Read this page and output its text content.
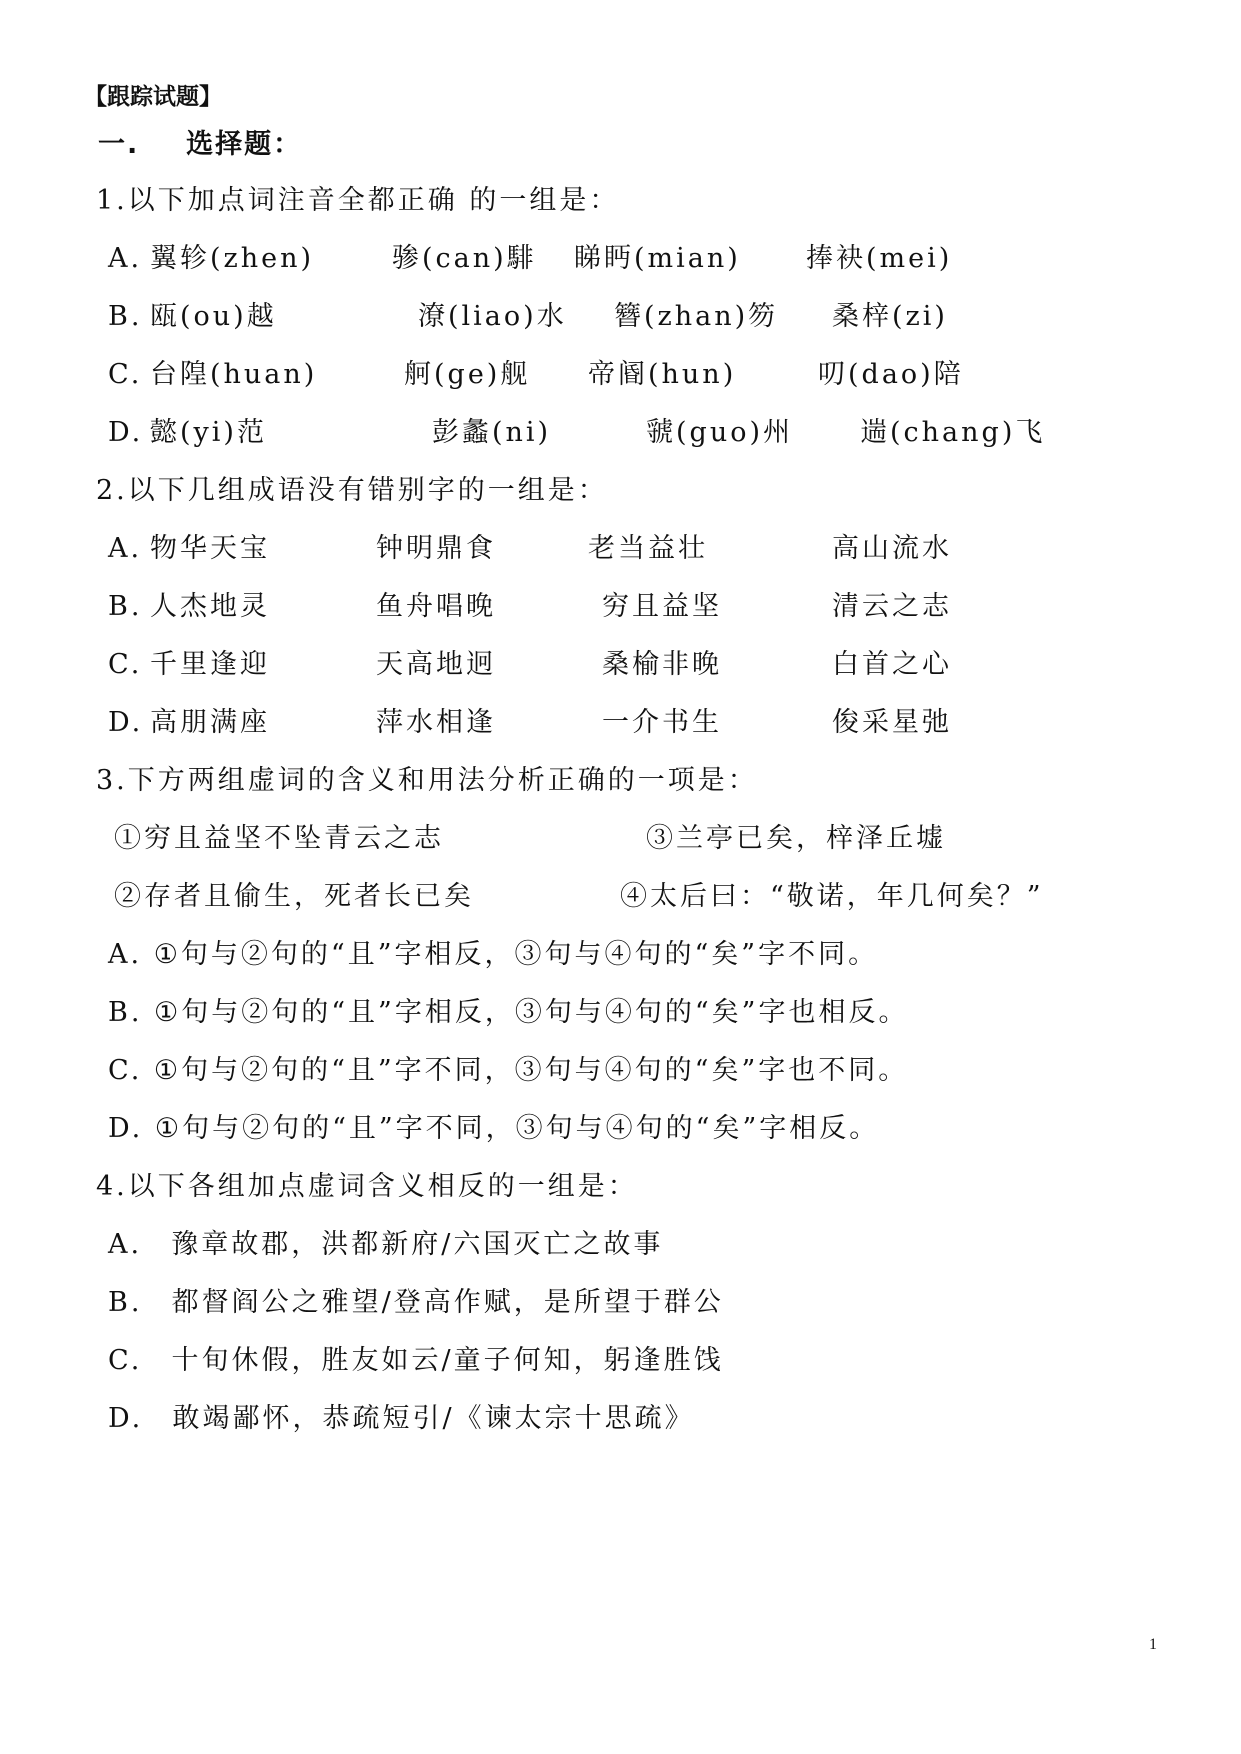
【跟踪试题】
一. 选择题：
1.以下加点词注音全都正确 的一组是：
A. 翼轸(zhen)	骖(can)騑 睇眄(mian) 捧袂(mei)
B. 瓯(ou)越	潦(liao)水 簪(zhan)笏 桑梓(zi)
C. 台隍(huan)	舸(ge)舰 帝阍(hun)	叨(dao)陪
D. 懿(yi)范	彭蠡(ni)	虢(guo)州 遄(chang)飞
2.以下几组成语没有错别字的一组是：
A. 物华天宝	钟明鼎食	老当益壮	高山流水
B. 人杰地灵	鱼舟唱晚	穷且益坚	清云之志
C. 千里逢迎	天高地迥	桑榆非晚	白首之心
D. 高朋满座	萍水相逢	一介书生	俊采星弛
3.下方两组虚词的含义和用法分析正确的一项是：
①穷且益坚不坠青云之志	③兰亭已矣，梓泽丘墟
②存者且偷生，死者长已矣	④太后曰：“敬诺，年几何矣？”
A. ①句与②句的“且”字相反，③句与④句的“矣”字不同。
B. ①句与②句的“且”字相反，③句与④句的“矣”字也相反。
C. ①句与②句的“且”字不同，③句与④句的“矣”字也不同。
D. ①句与②句的“且”字不同，③句与④句的“矣”字相反。
4.以下各组加点虚词含义相反的一组是：
A. 豫章故郡，洪都新府/六国灭亡之故事
B. 都督阎公之雅望/登高作赋，是所望于群公
C. 十旬休假，胜友如云/童子何知，躬逢胜饯
D. 敢竭鄙怀，恭疏短引/《谏太宗十思疏》
1
